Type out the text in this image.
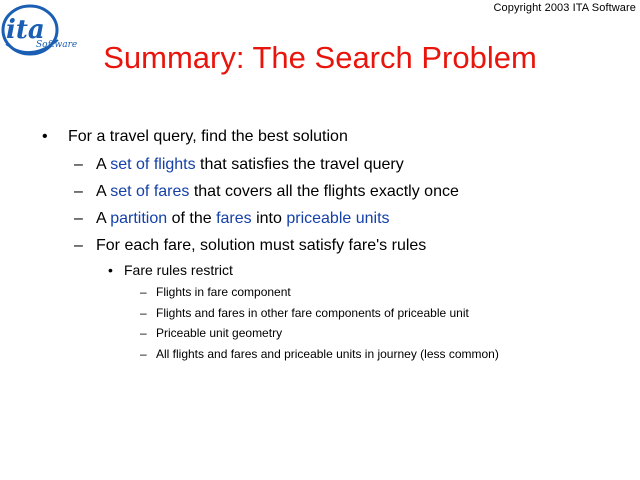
Copyright 2003 ITA Software
ita
Software Summary: The Search Problem
•	For a travel query, find the best solution
– A set of flights that satisfies the travel query
– A set of fares that covers all the flights exactly once
– A partition of the fares into priceable units
– For each fare, solution must satisfy fare's rules
• Fare rules restrict
– Flights in fare component
– Flights and fares in other fare components of priceable unit
– Priceable unit geometry
– All flights and fares and priceable units in journey (less common)
